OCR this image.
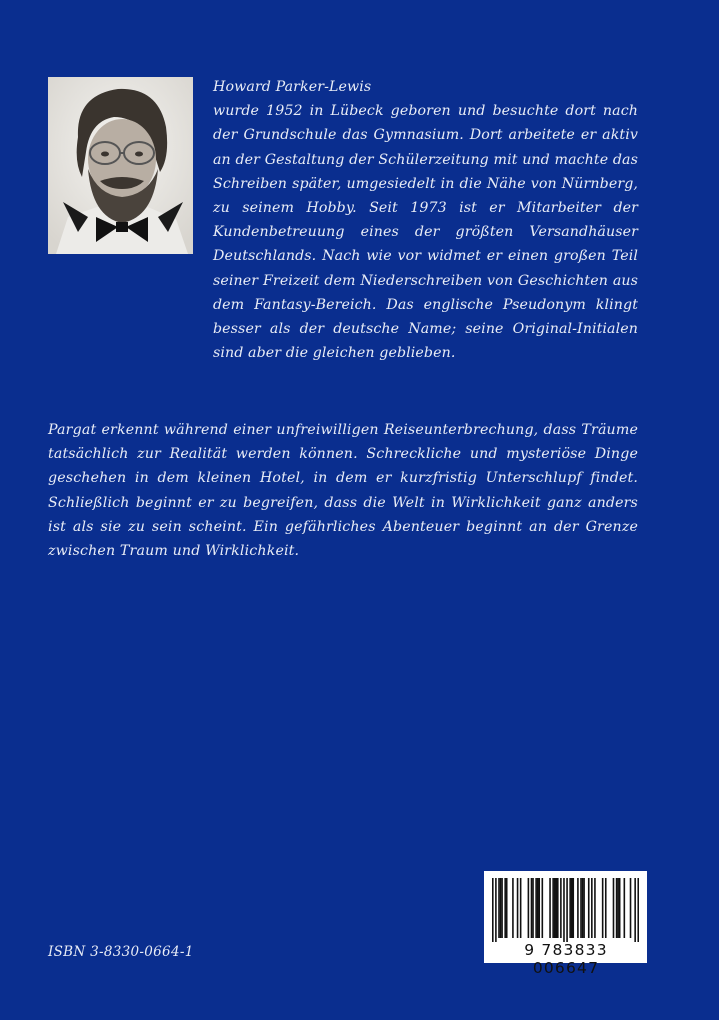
Howard Parker-Lewis
wurde 1952 in Lübeck geboren und besuchte dort nach der Grundschule das Gymnasium. Dort arbeitete er aktiv an der Gestaltung der Schülerzeitung mit und machte das Schreiben später, umgesiedelt in die Nähe von Nürnberg, zu seinem Hobby. Seit 1973 ist er Mitarbeiter der Kundenbetreuung eines der größten Versandhäuser Deutschlands. Nach wie vor widmet er einen großen Teil seiner Freizeit dem Niederschreiben von Geschichten aus dem Fantasy-Bereich. Das englische Pseudonym klingt besser als der deutsche Name; seine Original-Initialen sind aber die gleichen geblieben.
Pargat erkennt während einer unfreiwilligen Reiseunterbrechung, dass Träume tatsächlich zur Realität werden können. Schreckliche und mysteriöse Dinge geschehen in dem kleinen Hotel, in dem er kurzfristig Unterschlupf findet. Schließlich beginnt er zu begreifen, dass die Welt in Wirklichkeit ganz anders ist als sie zu sein scheint. Ein gefährliches Abenteuer beginnt an der Grenze zwischen Traum und Wirklichkeit.
ISBN 3-8330-0664-1	9 783833 006647
